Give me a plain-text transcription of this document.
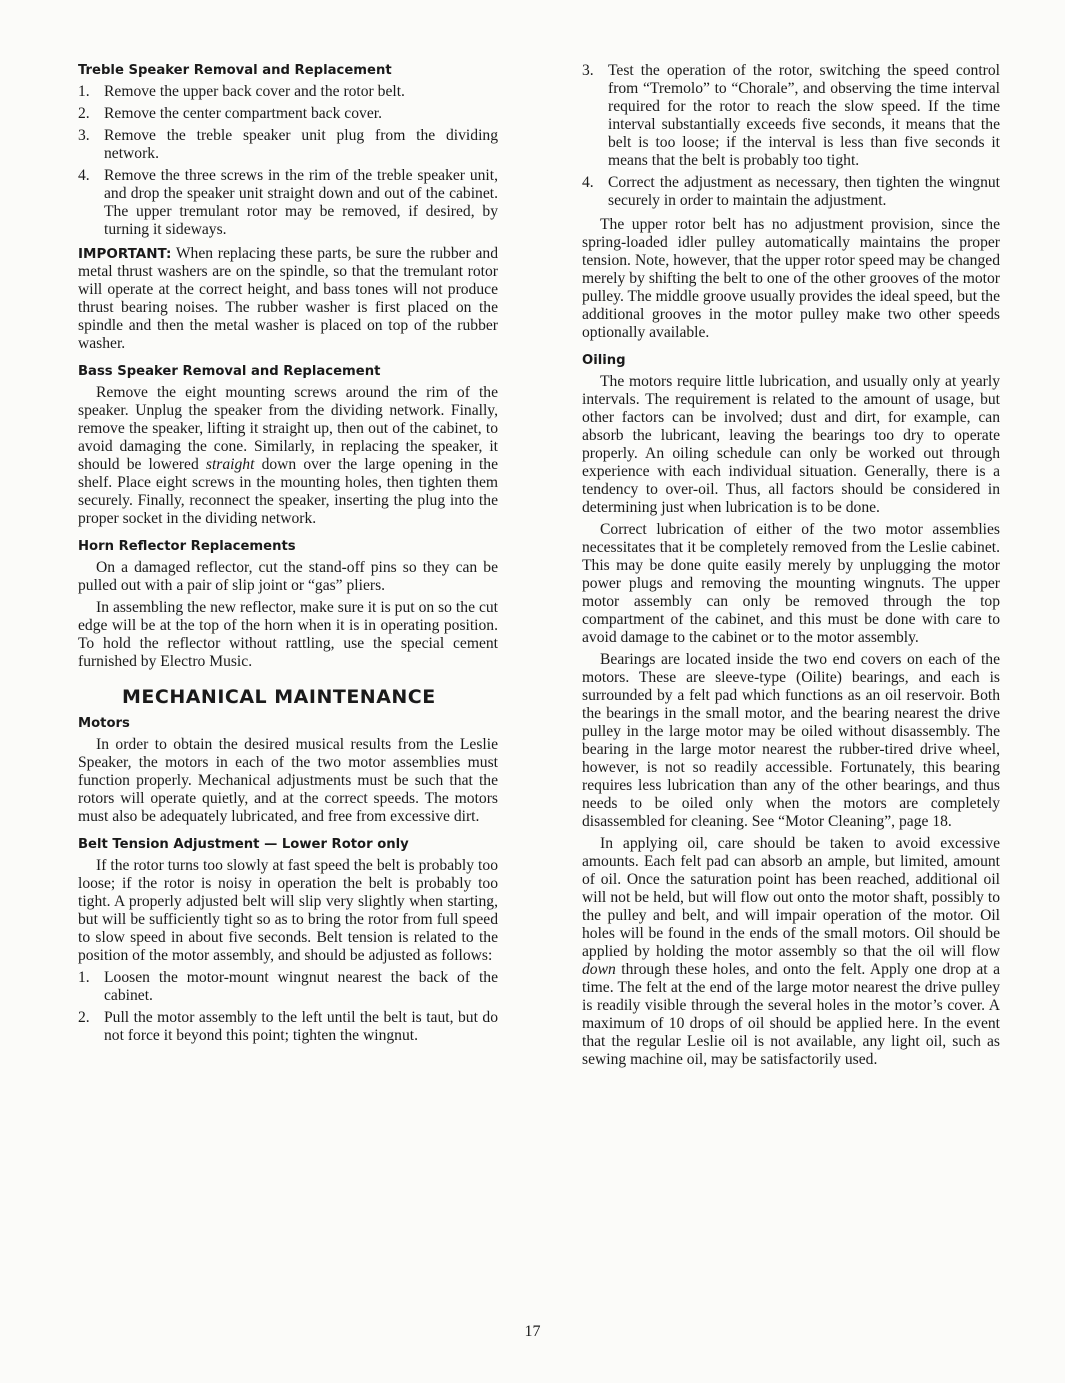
Treble Speaker Removal and Replacement
1. Remove the upper back cover and the rotor belt.
2. Remove the center compartment back cover.
3. Remove the treble speaker unit plug from the dividing network.
4. Remove the three screws in the rim of the treble speaker unit, and drop the speaker unit straight down and out of the cabinet. The upper tremulant rotor may be removed, if desired, by turning it sideways.

IMPORTANT: When replacing these parts, be sure the rubber and metal thrust washers are on the spindle, so that the tremulant rotor will operate at the correct height, and bass tones will not produce thrust bearing noises. The rubber washer is first placed on the spindle and then the metal washer is placed on top of the rubber washer.

Bass Speaker Removal and Replacement

Remove the eight mounting screws around the rim of the speaker. Unplug the speaker from the dividing network. Finally, remove the speaker, lifting it straight up, then out of the cabinet, to avoid damaging the cone. Similarly, in replacing the speaker, it should be lowered straight down over the large opening in the shelf. Place eight screws in the mounting holes, then tighten them securely. Finally, reconnect the speaker, inserting the plug into the proper socket in the dividing network.

Horn Reflector Replacements

On a damaged reflector, cut the stand-off pins so they can be pulled out with a pair of slip joint or “gas” pliers.

In assembling the new reflector, make sure it is put on so the cut edge will be at the top of the horn when it is in operating position. To hold the reflector without rattling, use the special cement furnished by Electro Music.

MECHANICAL MAINTENANCE
Motors

In order to obtain the desired musical results from the Leslie Speaker, the motors in each of the two motor assemblies must function properly. Mechanical adjustments must be such that the rotors will operate quietly, and at the correct speeds. The motors must also be adequately lubricated, and free from excessive dirt.

Belt Tension Adjustment — Lower Rotor only

If the rotor turns too slowly at fast speed the belt is probably too loose; if the rotor is noisy in operation the belt is probably too tight. A properly adjusted belt will slip very slightly when starting, but will be sufficiently tight so as to bring the rotor from full speed to slow speed in about five seconds. Belt tension is related to the position of the motor assembly, and should be adjusted as follows:

1. Loosen the motor-mount wingnut nearest the back of the cabinet.
2. Pull the motor assembly to the left until the belt is taut, but do not force it beyond this point; tighten the wingnut.
3. Test the operation of the rotor, switching the speed control from “Tremolo” to “Chorale”, and observing the time interval required for the rotor to reach the slow speed. If the time interval substantially exceeds five seconds, it means that the belt is too loose; if the interval is less than five seconds it means that the belt is probably too tight.
4. Correct the adjustment as necessary, then tighten the wingnut securely in order to maintain the adjustment.

The upper rotor belt has no adjustment provision, since the spring-loaded idler pulley automatically maintains the proper tension. Note, however, that the upper rotor speed may be changed merely by shifting the belt to one of the other grooves of the motor pulley. The middle groove usually provides the ideal speed, but the additional grooves in the motor pulley make two other speeds optionally available.

Oiling

The motors require little lubrication, and usually only at yearly intervals. The requirement is related to the amount of usage, but other factors can be involved; dust and dirt, for example, can absorb the lubricant, leaving the bearings too dry to operate properly. An oiling schedule can only be worked out through experience with each individual situation. Generally, there is a tendency to over-oil. Thus, all factors should be considered in determining just when lubrication is to be done.

Correct lubrication of either of the two motor assemblies necessitates that it be completely removed from the Leslie cabinet. This may be done quite easily merely by unplugging the motor power plugs and removing the mounting wingnuts. The upper motor assembly can only be removed through the top compartment of the cabinet, and this must be done with care to avoid damage to the cabinet or to the motor assembly.

Bearings are located inside the two end covers on each of the motors. These are sleeve-type (Oilite) bearings, and each is surrounded by a felt pad which functions as an oil reservoir. Both the bearings in the small motor, and the bearing nearest the drive pulley in the large motor may be oiled without disassembly. The bearing in the large motor nearest the rubber-tired drive wheel, however, is not so readily accessible. Fortunately, this bearing requires less lubrication than any of the other bearings, and thus needs to be oiled only when the motors are completely disassembled for cleaning. See “Motor Cleaning”, page 18.

In applying oil, care should be taken to avoid excessive amounts. Each felt pad can absorb an ample, but limited, amount of oil. Once the saturation point has been reached, additional oil will not be held, but will flow out onto the motor shaft, possibly to the pulley and belt, and will impair operation of the motor. Oil holes will be found in the ends of the small motors. Oil should be applied by holding the motor assembly so that the oil will flow down through these holes, and onto the felt. Apply one drop at a time. The felt at the end of the large motor nearest the drive pulley is readily visible through the several holes in the motor’s cover. A maximum of 10 drops of oil should be applied here. In the event that the regular Leslie oil is not available, any light oil, such as sewing machine oil, may be satisfactorily used.

17
